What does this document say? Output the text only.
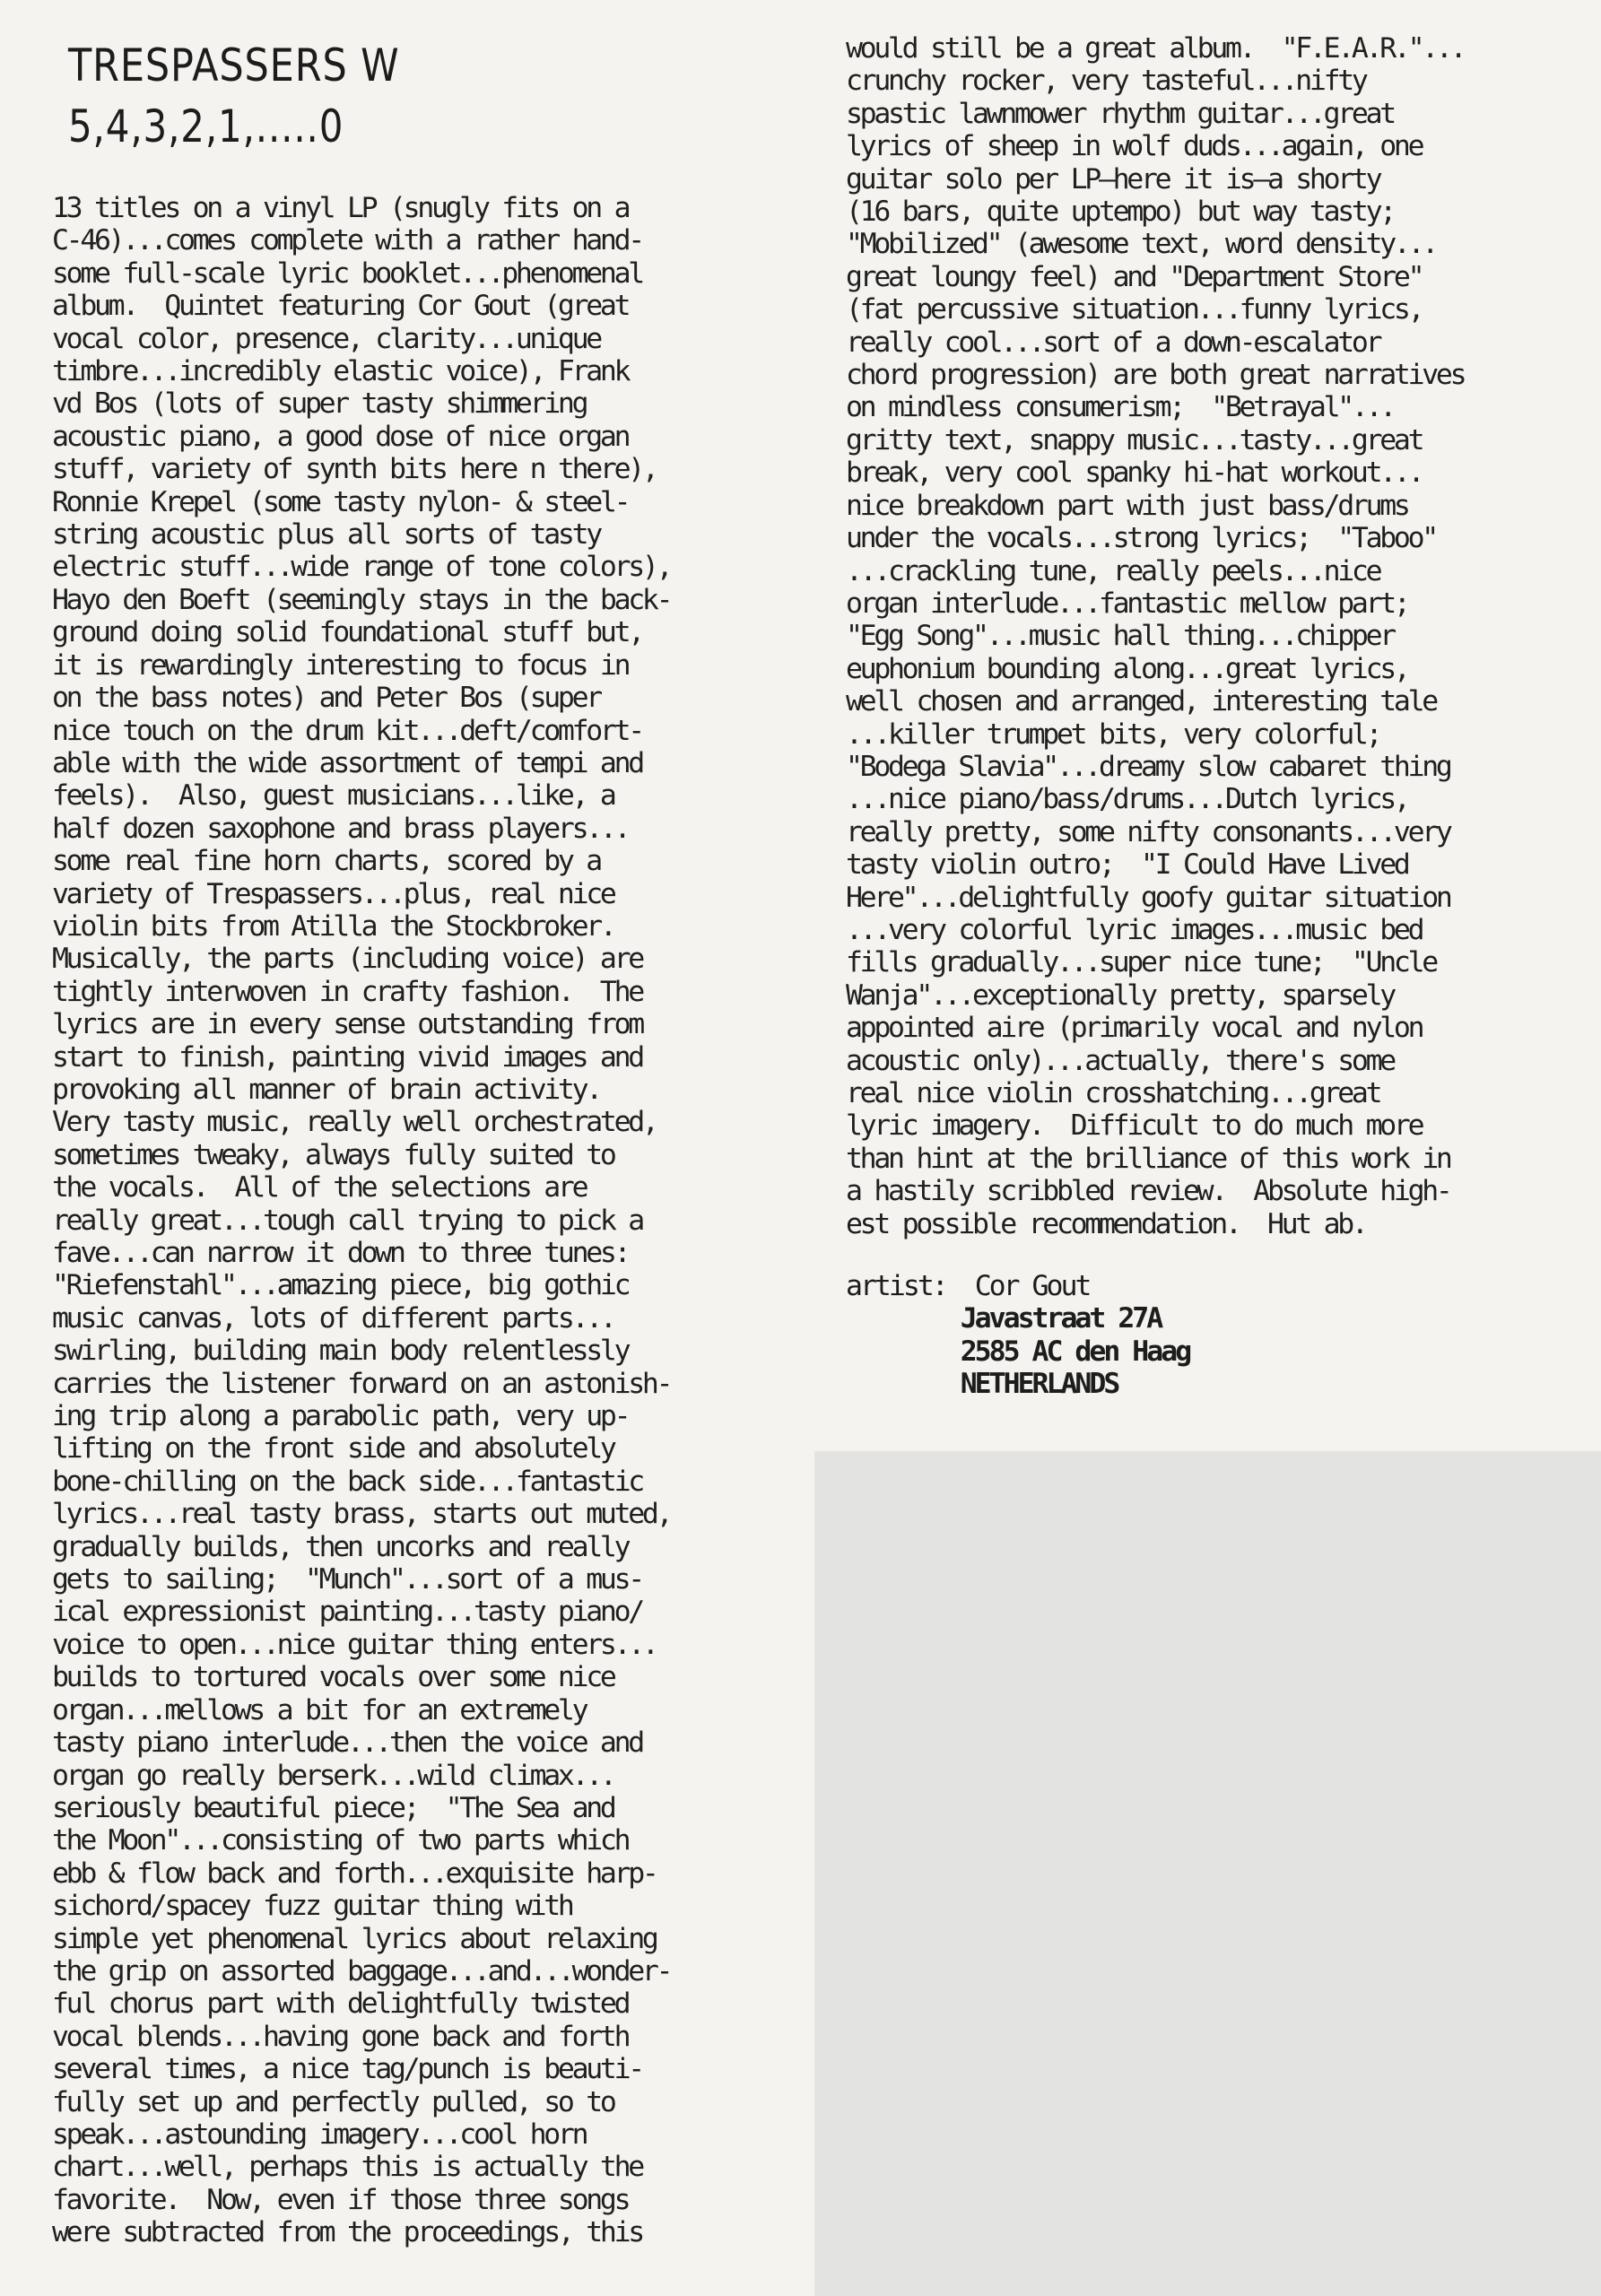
TRESPASSERS W
5,4,3,2,1,.....0
13 titles on a vinyl LP (snugly fits on a
C-46)...comes complete with a rather hand-
some full-scale lyric booklet...phenomenal
album.  Quintet featuring Cor Gout (great
vocal color, presence, clarity...unique
timbre...incredibly elastic voice), Frank
vd Bos (lots of super tasty shimmering
acoustic piano, a good dose of nice organ
stuff, variety of synth bits here n there),
Ronnie Krepel (some tasty nylon- & steel-
string acoustic plus all sorts of tasty
electric stuff...wide range of tone colors),
Hayo den Boeft (seemingly stays in the back-
ground doing solid foundational stuff but,
it is rewardingly interesting to focus in
on the bass notes) and Peter Bos (super
nice touch on the drum kit...deft/comfort-
able with the wide assortment of tempi and
feels).  Also, guest musicians...like, a
half dozen saxophone and brass players...
some real fine horn charts, scored by a
variety of Trespassers...plus, real nice
violin bits from Atilla the Stockbroker.
Musically, the parts (including voice) are
tightly interwoven in crafty fashion.  The
lyrics are in every sense outstanding from
start to finish, painting vivid images and
provoking all manner of brain activity.
Very tasty music, really well orchestrated,
sometimes tweaky, always fully suited to
the vocals.  All of the selections are
really great...tough call trying to pick a
fave...can narrow it down to three tunes:
"Riefenstahl"...amazing piece, big gothic
music canvas, lots of different parts...
swirling, building main body relentlessly
carries the listener forward on an astonish-
ing trip along a parabolic path, very up-
lifting on the front side and absolutely
bone-chilling on the back side...fantastic
lyrics...real tasty brass, starts out muted,
gradually builds, then uncorks and really
gets to sailing;  "Munch"...sort of a mus-
ical expressionist painting...tasty piano/
voice to open...nice guitar thing enters...
builds to tortured vocals over some nice
organ...mellows a bit for an extremely
tasty piano interlude...then the voice and
organ go really berserk...wild climax...
seriously beautiful piece;  "The Sea and
the Moon"...consisting of two parts which
ebb & flow back and forth...exquisite harp-
sichord/spacey fuzz guitar thing with
simple yet phenomenal lyrics about relaxing
the grip on assorted baggage...and...wonder-
ful chorus part with delightfully twisted
vocal blends...having gone back and forth
several times, a nice tag/punch is beauti-
fully set up and perfectly pulled, so to
speak...astounding imagery...cool horn
chart...well, perhaps this is actually the
favorite.  Now, even if those three songs
were subtracted from the proceedings, this
would still be a great album.  "F.E.A.R."...
crunchy rocker, very tasteful...nifty
spastic lawnmower rhythm guitar...great
lyrics of sheep in wolf duds...again, one
guitar solo per LP—here it is—a shorty
(16 bars, quite uptempo) but way tasty;
"Mobilized" (awesome text, word density...
great loungy feel) and "Department Store"
(fat percussive situation...funny lyrics,
really cool...sort of a down-escalator
chord progression) are both great narratives
on mindless consumerism;  "Betrayal"...
gritty text, snappy music...tasty...great
break, very cool spanky hi-hat workout...
nice breakdown part with just bass/drums
under the vocals...strong lyrics;  "Taboo"
...crackling tune, really peels...nice
organ interlude...fantastic mellow part;
"Egg Song"...music hall thing...chipper
euphonium bounding along...great lyrics,
well chosen and arranged, interesting tale
...killer trumpet bits, very colorful;
"Bodega Slavia"...dreamy slow cabaret thing
...nice piano/bass/drums...Dutch lyrics,
really pretty, some nifty consonants...very
tasty violin outro;  "I Could Have Lived
Here"...delightfully goofy guitar situation
...very colorful lyric images...music bed
fills gradually...super nice tune;  "Uncle
Wanja"...exceptionally pretty, sparsely
appointed aire (primarily vocal and nylon
acoustic only)...actually, there's some
real nice violin crosshatching...great
lyric imagery.  Difficult to do much more
than hint at the brilliance of this work in
a hastily scribbled review.  Absolute high-
est possible recommendation.  Hut ab.
artist: Cor Gout
Javastraat 27A
2585 AC den Haag
NETHERLANDS
